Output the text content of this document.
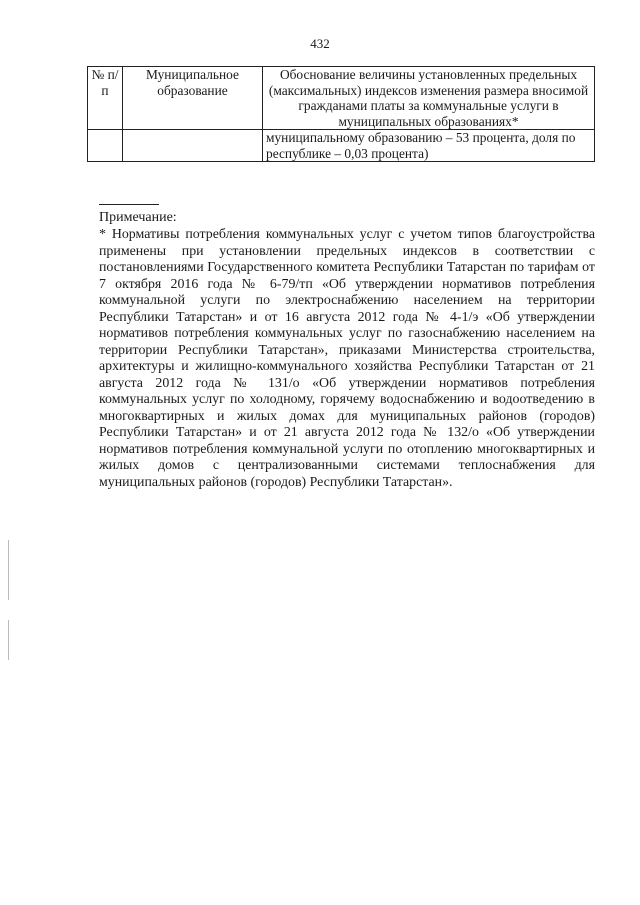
432
№ п/п	Муниципальное образование	Обоснование величины установленных предельных (максимальных) индексов изменения размера вносимой гражданами платы за коммунальные услуги в муниципальных образованиях*
		муниципальному образованию – 53 процента, доля по республике – 0,03 процента)
Примечание:

* Нормативы потребления коммунальных услуг с учетом типов благоустройства применены при установлении предельных индексов в соответствии с постановлениями Государственного комитета Республики Татарстан по тарифам от 7 октября 2016 года № 6-79/тп «Об утверждении нормативов потребления коммунальной услуги по электроснабжению населением на территории Республики Татарстан» и от 16 августа 2012 года № 4-1/э «Об утверждении нормативов потребления коммунальных услуг по газоснабжению населением на территории Республики Татарстан», приказами Министерства строительства, архитектуры и жилищно-коммунального хозяйства Республики Татарстан от 21 августа 2012 года № 131/о «Об утверждении нормативов потребления коммунальных услуг по холодному, горячему водоснабжению и водоотведению в многоквартирных и жилых домах для муниципальных районов (городов) Республики Татарстан» и от 21 августа 2012 года № 132/о «Об утверждении нормативов потребления коммунальной услуги по отоплению многоквартирных и жилых домов с централизованными системами теплоснабжения для муниципальных районов (городов) Республики Татарстан».
